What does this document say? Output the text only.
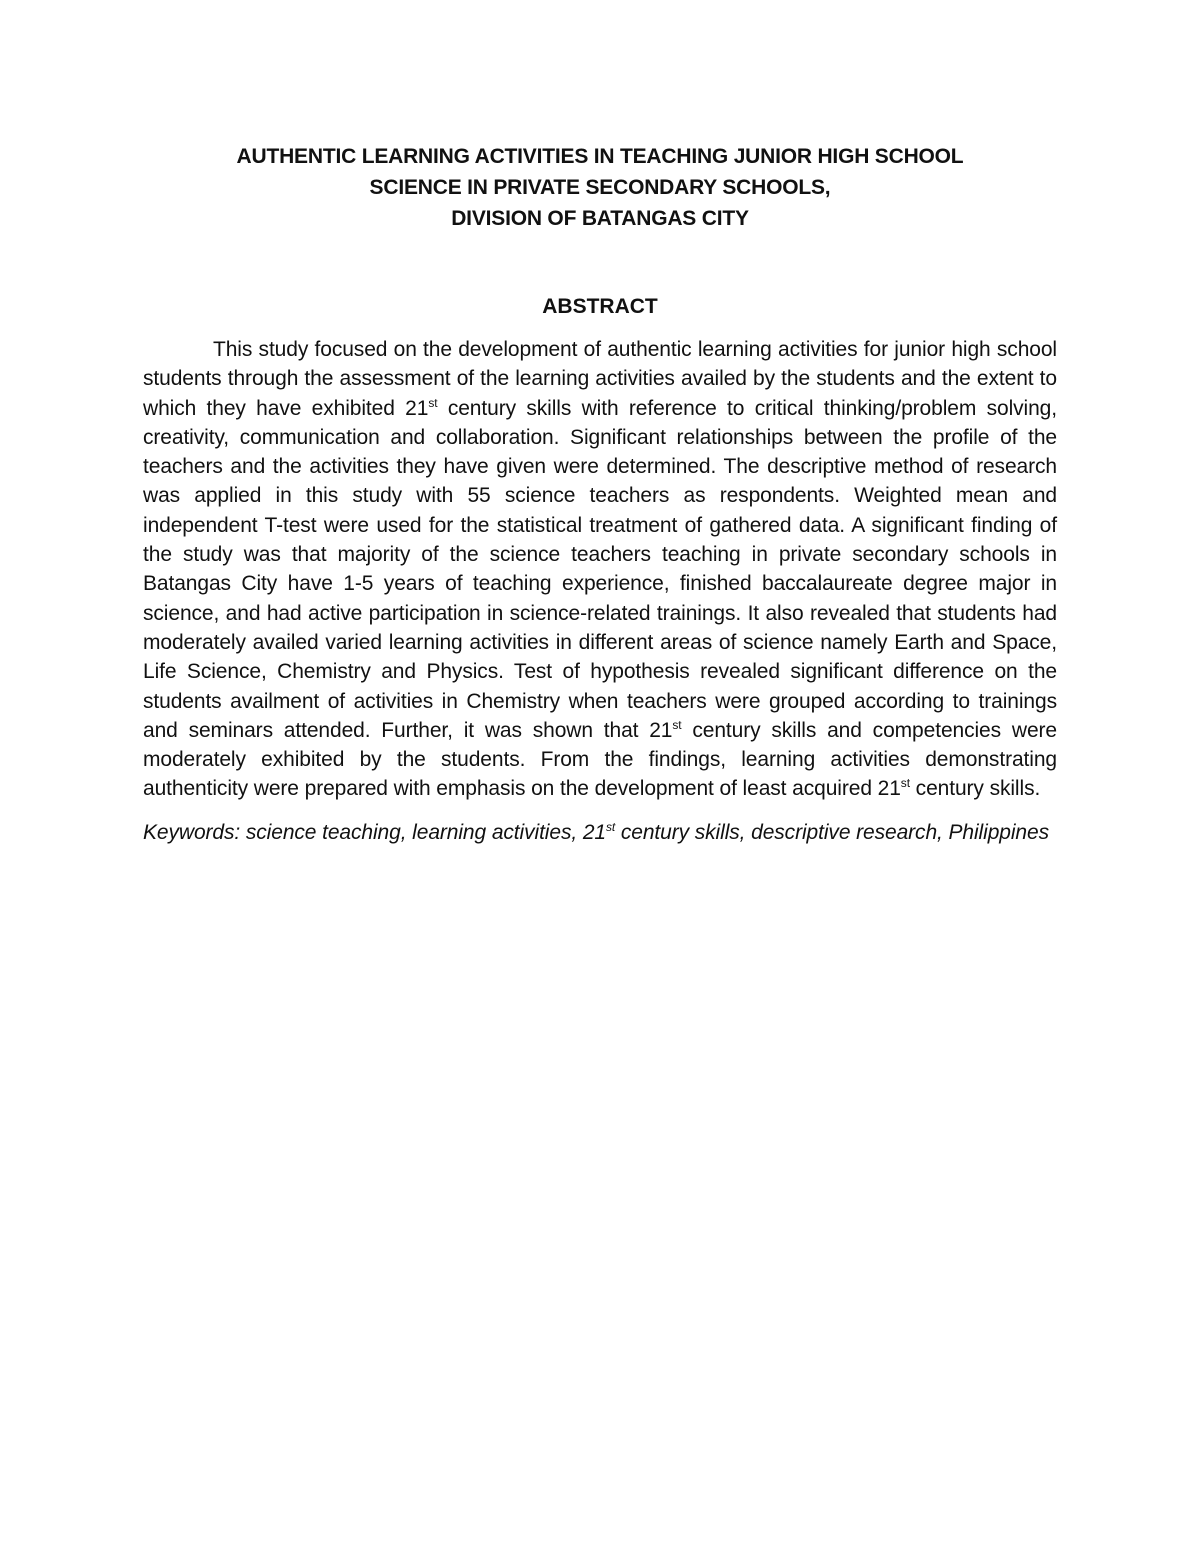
AUTHENTIC LEARNING ACTIVITIES IN TEACHING JUNIOR HIGH SCHOOL
SCIENCE IN PRIVATE SECONDARY SCHOOLS,
DIVISION OF BATANGAS CITY
ABSTRACT

This study focused on the development of authentic learning activities for junior high school students through the assessment of the learning activities availed by the students and the extent to which they have exhibited 21st century skills with reference to critical thinking/problem solving, creativity, communication and collaboration. Significant relationships between the profile of the teachers and the activities they have given were determined. The descriptive method of research was applied in this study with 55 science teachers as respondents. Weighted mean and independent T-test were used for the statistical treatment of gathered data. A significant finding of the study was that majority of the science teachers teaching in private secondary schools in Batangas City have 1-5 years of teaching experience, finished baccalaureate degree major in science, and had active participation in science-related trainings. It also revealed that students had moderately availed varied learning activities in different areas of science namely Earth and Space, Life Science, Chemistry and Physics. Test of hypothesis revealed significant difference on the students availment of activities in Chemistry when teachers were grouped according to trainings and seminars attended. Further, it was shown that 21st century skills and competencies were moderately exhibited by the students. From the findings, learning activities demonstrating authenticity were prepared with emphasis on the development of least acquired 21st century skills.

Keywords: science teaching, learning activities, 21st century skills, descriptive research, Philippines
